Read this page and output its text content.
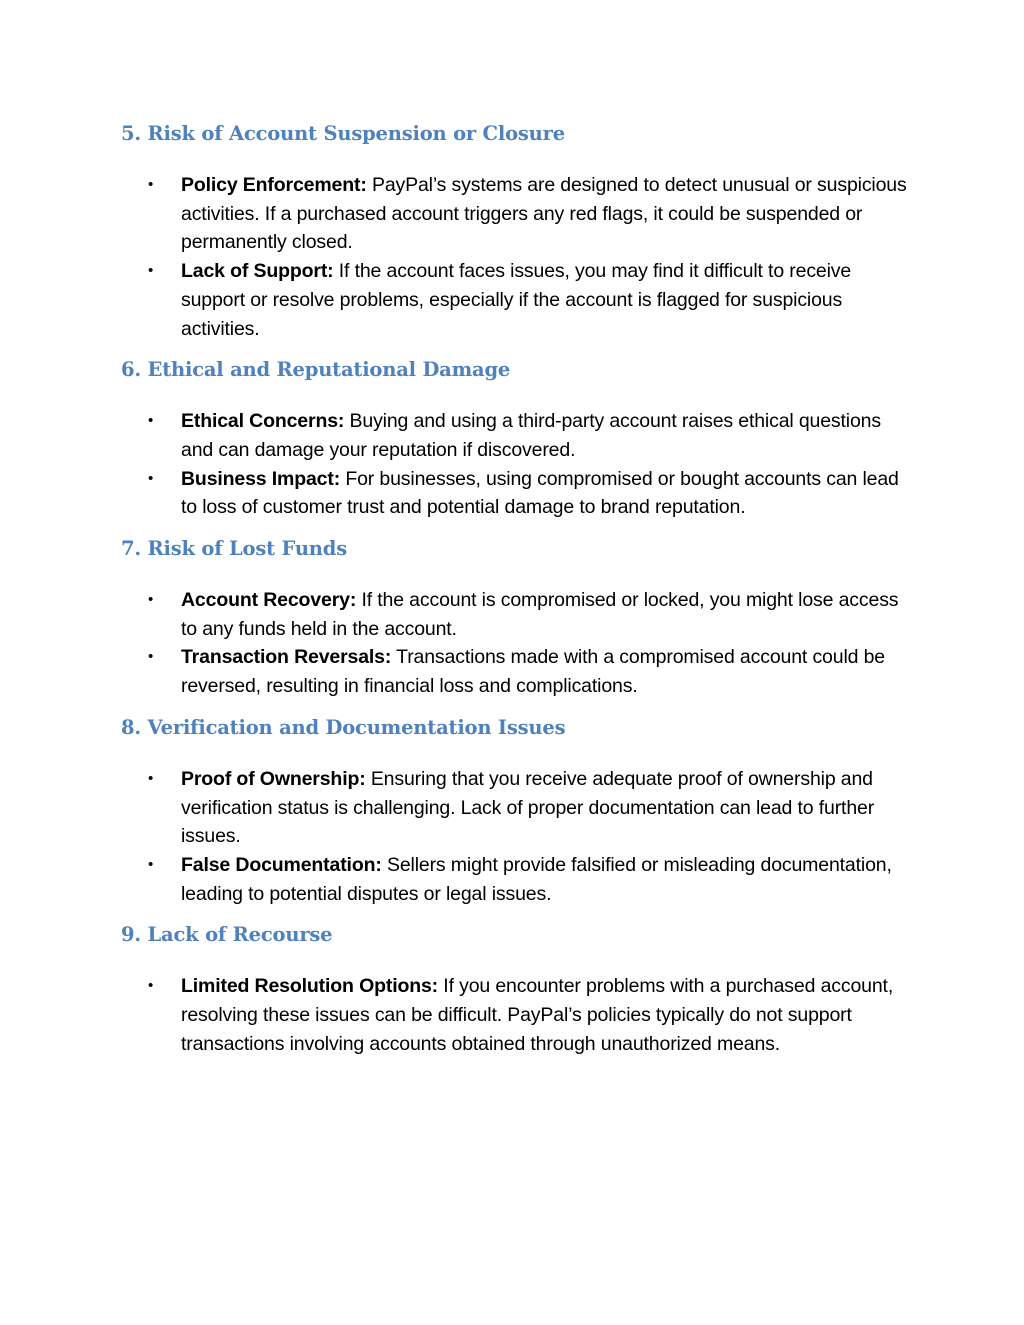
5. Risk of Account Suspension or Closure
• Policy Enforcement: PayPal’s systems are designed to detect unusual or suspicious activities. If a purchased account triggers any red flags, it could be suspended or permanently closed.
• Lack of Support: If the account faces issues, you may find it difficult to receive support or resolve problems, especially if the account is flagged for suspicious activities.
6. Ethical and Reputational Damage
• Ethical Concerns: Buying and using a third-party account raises ethical questions and can damage your reputation if discovered.
• Business Impact: For businesses, using compromised or bought accounts can lead to loss of customer trust and potential damage to brand reputation.
7. Risk of Lost Funds
• Account Recovery: If the account is compromised or locked, you might lose access to any funds held in the account.
• Transaction Reversals: Transactions made with a compromised account could be reversed, resulting in financial loss and complications.
8. Verification and Documentation Issues
• Proof of Ownership: Ensuring that you receive adequate proof of ownership and verification status is challenging. Lack of proper documentation can lead to further issues.
• False Documentation: Sellers might provide falsified or misleading documentation, leading to potential disputes or legal issues.
9. Lack of Recourse
• Limited Resolution Options: If you encounter problems with a purchased account, resolving these issues can be difficult. PayPal’s policies typically do not support transactions involving accounts obtained through unauthorized means.
